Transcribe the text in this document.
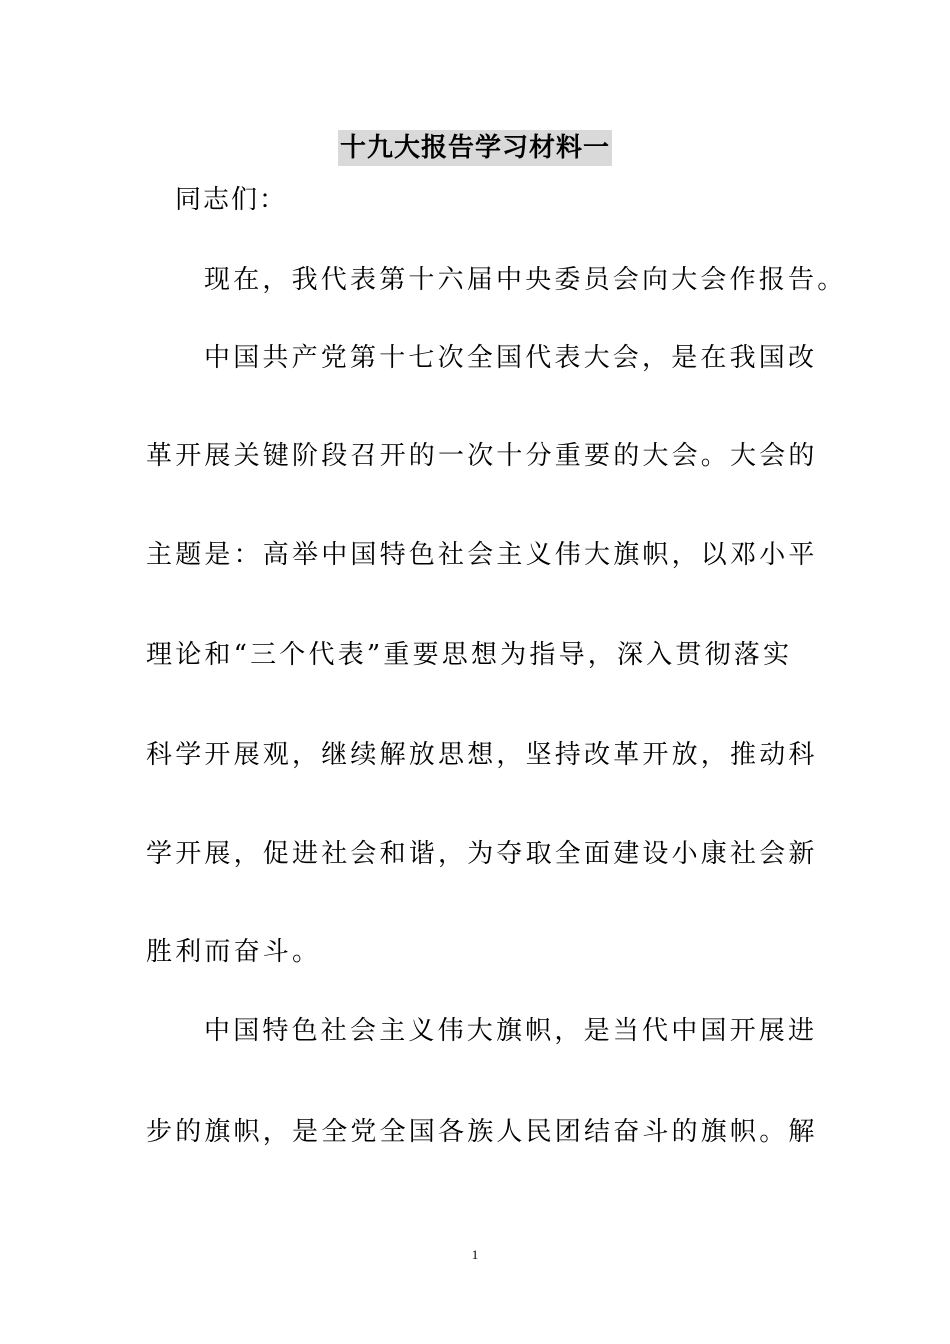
十九大报告学习材料一
同志们：
现在，我代表第十六届中央委员会向大会作报告。
中国共产党第十七次全国代表大会，是在我国改
革开展关键阶段召开的一次十分重要的大会。大会的
主题是：高举中国特色社会主义伟大旗帜，以邓小平
理论和“三个代表”重要思想为指导，深入贯彻落实
科学开展观，继续解放思想，坚持改革开放，推动科
学开展，促进社会和谐，为夺取全面建设小康社会新
胜利而奋斗。
中国特色社会主义伟大旗帜，是当代中国开展进
步的旗帜，是全党全国各族人民团结奋斗的旗帜。解
1
